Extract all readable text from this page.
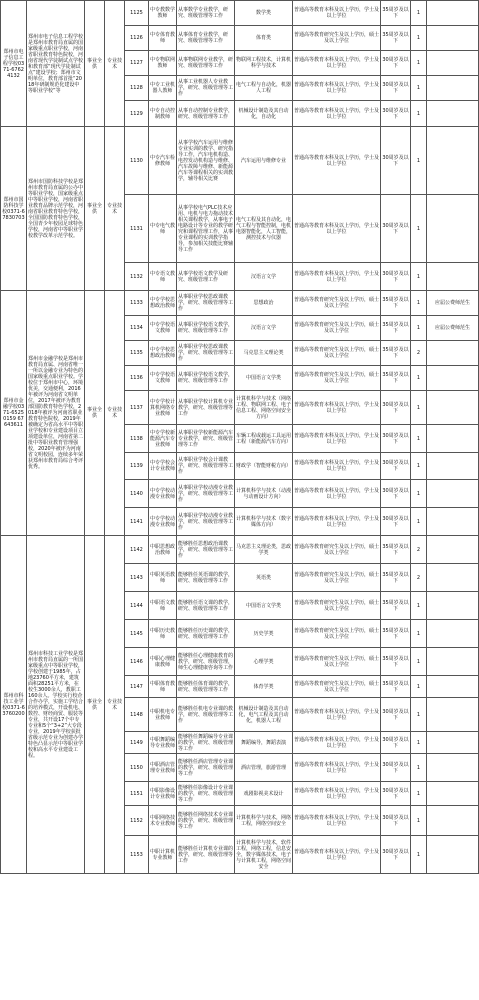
郑州市电子信息工程学校0371-67624132	郑州市电子信息工程学校是郑州市教育局直属的国家级重点职业学校，河南省职业教育特色院校，河南省现代学徒制试点学校和教育部“现代学徒制试点”建设学校；郑州市文明单位，教育部首批“2018年研制规范化建设中等职业学校”等	事业全供	专业技术	1125	中专教数学教师	从事数学专业教学，研究、班级管理等工作	数学类	普通高等教育本科及以上学历，学士及以上学位	35周岁及以下	1	
				1126	中专体育教师	从事体育专业教学，研究、班级管理等工作	体育类	普通高等教育研究生及以上学历，硕士及以上学位	35周岁及以下	1	
				1127	中专物联网教师	从事物联网专业教学，研究、班级管理等工作	物联网工程技术，计算机科学与技术	普通高等教育本科及以上学历，学士及以上学位	30周岁及以下	1	
				1128	中专工业机器人教师	从事工业机器人专业教学，研究、班级管理等工作	电气工程与自动化，机器人工程	普通高等教育本科及以上学历，学士及以上学位	30周岁及以下	1	
				1129	中专自动控制教师	从事自动控制专业教学，研究、班级管理等工作	机械设计制造及其自动化，自动化	普通高等教育本科及以上学历，学士及以上学位	30周岁及以下	1	
郑州市国防科技学校0371-67830703	郑州市国防科技学校是郑州市教育局直属的公办中等职业学校，国家级重点中等职业学校，河南省职业教育品牌示范学校，河南省职业教育特色学校，全国国防教育特色学校，全国青少年校园足球特色学校，河南省中等职业学校教学改革示范学校。	事业全供	专业技术	1130	中专汽车检修教师	从事学校汽车运用与维修专业实训的教学、研究指导工作，汽车电机构造、电控发动机构造与维修、汽车故障与维修、新能源汽车等课程相关的实训教学，辅导相关比赛	汽车运用与维修专业	普通高等教育本科及以上学历，学士及以上学位	30周岁及以下	1	
				1131	中专电气教师	从事学校电气PLC技术应用、电机与电力拖动技术相关课程教学，从事电子电路设计等专业的教学研究和课程管理工作，从事专业课程的实训教学指导，参加相关技能比赛辅导工作	电气工程及其自动化，电气工程与智能控制，电机电器智能化，人工智能，测控技术与仪器	普通高等教育本科及以上学历，学士及以上学位	30周岁及以下	1	
				1132	中专语文教师	从事学校语文教学及研究、班级管理工作	汉语言文学	普通高等教育本科及以上学历，学士及以上学位	30周岁及以下	1	
郑州市金融学校0371-65250159 67643611	郑州市金融学校是郑州市教育局直属、河南省唯一一所以金融专业为特色的国家级重点职业学校。学校位于郑州市中心，环境优美，交通便利，2016年被评为河南省文明单位，2017年被评为教育部国防教育特色学校，2018年被评为河南省职业教育特色院校，2019年被确定为省高水平中等职业学校和专业建设项目立项建设单位，河南省第二批中等职业教育管理强校，2020年被评为河南省文明校园，连续多年荣获郑州市教育局综合考评优秀。	事业全供	专业技术	1133	中专学校思想政治教师	从事职业学校思政课教学，研究、班级管理等工作	思想政治	普通高等教育研究生及以上学历，硕士及以上学位	35周岁及以下	1	应届公费师范生
				1134	中专学校语文教师	从事职业学校语文教学，研究、班级管理等工作	汉语言文学	普通高等教育研究生及以上学历，硕士及以上学位	35周岁及以下	1	应届公费师范生
				1135	中专学校思想政治教师	从事职业学校思政课教学，研究、班级管理等工作	马克思主义理论类	普通高等教育研究生及以上学历，硕士及以上学位	35周岁及以下	2	
				1136	中专学校语文教师	从事职业学校语文教学，研究、班级管理等工作	中国语言文学类	普通高等教育研究生及以上学历，硕士及以上学位	35周岁及以下	1	
				1137	中专学校计算机网络专业教师	从事职业学校计算机专业教学，研究、班级管理等工作	计算机科学与技术（网络工程、物联网工程、电子信息工程、网络空间安全方向）	普通高等教育本科及以上学历，学士及以上学位	30周岁及以下	1	
				1138	中专学校新能源汽车专业教师	从事职业学校新能源汽车专业教学，研究、班级管理等工作	车辆工程或载运工具运用工程（新能源汽车方向）	普通高等教育本科及以上学历，学士及以上学位	30周岁及以下	1	
				1139	中专学校会计专业教师	从事职业学校会计课教学，研究、班级管理等工作	财政学（智能财税方向）	普通高等教育本科及以上学历，学士及以上学位	30周岁及以下	1	
				1140	中专学校动漫专业教师	从事职业学校动漫专业教学，研究、班级管理等工作	计算机科学与技术（动漫与动画设计方向）	普通高等教育本科及以上学历，学士及以上学位	30周岁及以下	1	
				1141	中专学校动漫专业教师	从事职业学校动漫专业教学，研究、班级管理等工作	计算机科学与技术（数字媒体方向）	普通高等教育本科及以上学历，学士及以上学位	30周岁及以下	1	
郑州市科技工业学校0371-63760200	郑州市科技工业学校是郑州市教育局直属的一所国家级重点中等职业学校，学校创建于1985年，占地23760平方米，建筑面积28251平方米，在校生3000余人，教职工160余人。学校实行校企合作办学，实施工学结合的培养模式，开设机电、数控、财经商贸、服装等专业，共开设17个中专专业和5个“3+2”大专段专业，2019年学校获批省级示范专业为创建办学特色凸显示范中等职业学校和高水平专业建设工程。	事业全供	专业技术	1142	中职思想政治教师	能够胜任思想政治课教学，研究、班级管理等工作	马克思主义理论类，思政学类	普通高等教育研究生及以上学历，硕士及以上学位	35周岁及以下	2	
				1143	中职英语教师	能够胜任英语课的教学，研究、班级管理等工作	英语类	普通高等教育研究生及以上学历，硕士及以上学位	35周岁及以下	2	
				1144	中职语文教师	能够胜任语文课的教学，研究、班级管理等工作	中国语言文学类	普通高等教育研究生及以上学历，硕士及以上学位	35周岁及以下	1	
				1145	中职历史教师	能够胜任历史课的教学，研究、班级管理等工作	历史学类	普通高等教育研究生及以上学历，硕士及以上学位	35周岁及以下	1	
				1146	中职心理健康教师	能够胜任心理健康教育的教学，研究、班级管理，师生心理健康咨询等工作	心理学类	普通高等教育研究生及以上学历，硕士及以上学位	35周岁及以下	1	
				1147	中职体育教师	能够胜任体育课的教学，研究、班级管理等工作	体育学类	普通高等教育研究生及以上学历，硕士及以上学位	35周岁及以下	1	
				1148	中职机电专业教师	能够胜任机电专业课的教学，研究、班级管理等工作	机械设计制造及其自动化，电气工程及其自动化，机器人工程	普通高等教育本科及以上学历，学士及以上学位	30周岁及以下	1	
				1149	中职舞蹈编导专业教师	能够胜任舞蹈编导专业课的教学，研究、班级管理等工作	舞蹈编导，舞蹈表演	普通高等教育本科及以上学历，学士及以上学位	30周岁及以下	1	
				1150	中职酒店管理专业教师	能够胜任酒店管理专业课的教学，研究、班级管理等工作	酒店管理，旅游管理	普通高等教育本科及以上学历，学士及以上学位	30周岁及以下	1	
				1151	中职影像设计专业教师	能够胜任影像设计专业课的教学，研究、班级管理等工作	戏剧影视美术设计	普通高等教育本科及以上学历，学士及以上学位	30周岁及以下	1	
				1152	中职网络技术专业教师	能够胜任网络技术专业课的教学，研究、班级管理等工作	计算机科学与技术，网络工程，网络空间安全	普通高等教育本科及以上学历，学士及以上学位	30周岁及以下	1	
				1153	中职计算机专业教师	能够胜任计算机专业课的教学，研究、班级管理等工作	计算机科学与技术，软件工程，网络工程，信息安全，数字媒体技术，电子与计算机工程，网络空间安全	普通高等教育本科及以上学历，学士及以上学位	30周岁及以下	1	
